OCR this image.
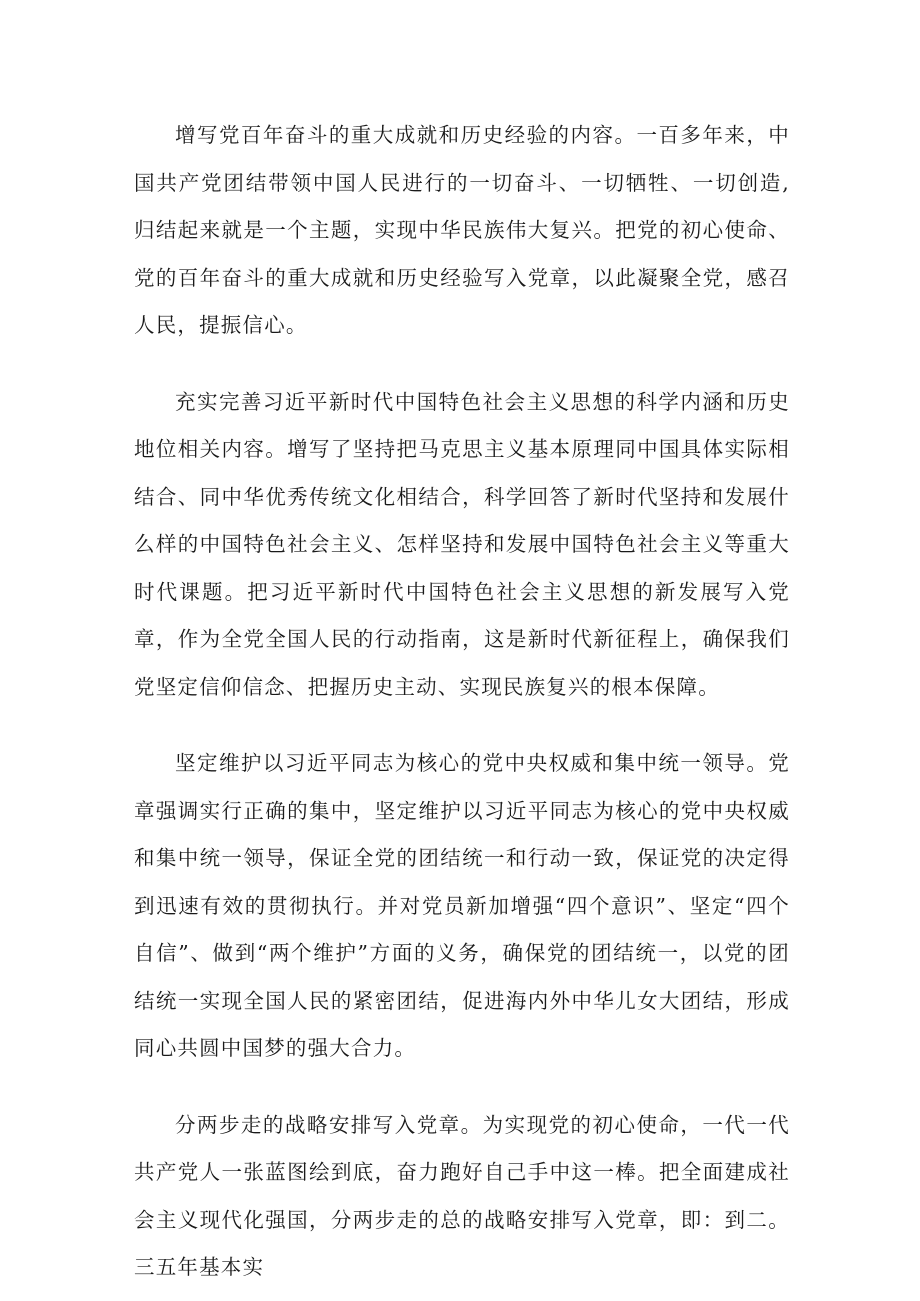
增写党百年奋斗的重大成就和历史经验的内容。一百多年来，中国共产党团结带领中国人民进行的一切奋斗、一切牺牲、一切创造,归结起来就是一个主题，实现中华民族伟大复兴。把党的初心使命、党的百年奋斗的重大成就和历史经验写入党章，以此凝聚全党，感召人民，提振信心。

充实完善习近平新时代中国特色社会主义思想的科学内涵和历史地位相关内容。增写了坚持把马克思主义基本原理同中国具体实际相结合、同中华优秀传统文化相结合，科学回答了新时代坚持和发展什么样的中国特色社会主义、怎样坚持和发展中国特色社会主义等重大时代课题。把习近平新时代中国特色社会主义思想的新发展写入党章，作为全党全国人民的行动指南，这是新时代新征程上，确保我们党坚定信仰信念、把握历史主动、实现民族复兴的根本保障。

坚定维护以习近平同志为核心的党中央权威和集中统一领导。党章强调实行正确的集中，坚定维护以习近平同志为核心的党中央权威和集中统一领导，保证全党的团结统一和行动一致，保证党的决定得到迅速有效的贯彻执行。并对党员新加增强“四个意识”、坚定“四个自信”、做到“两个维护”方面的义务，确保党的团结统一，以党的团结统一实现全国人民的紧密团结，促进海内外中华儿女大团结，形成同心共圆中国梦的强大合力。

分两步走的战略安排写入党章。为实现党的初心使命，一代一代共产党人一张蓝图绘到底，奋力跑好自己手中这一棒。把全面建成社会主义现代化强国，分两步走的总的战略安排写入党章，即：到二。三五年基本实
